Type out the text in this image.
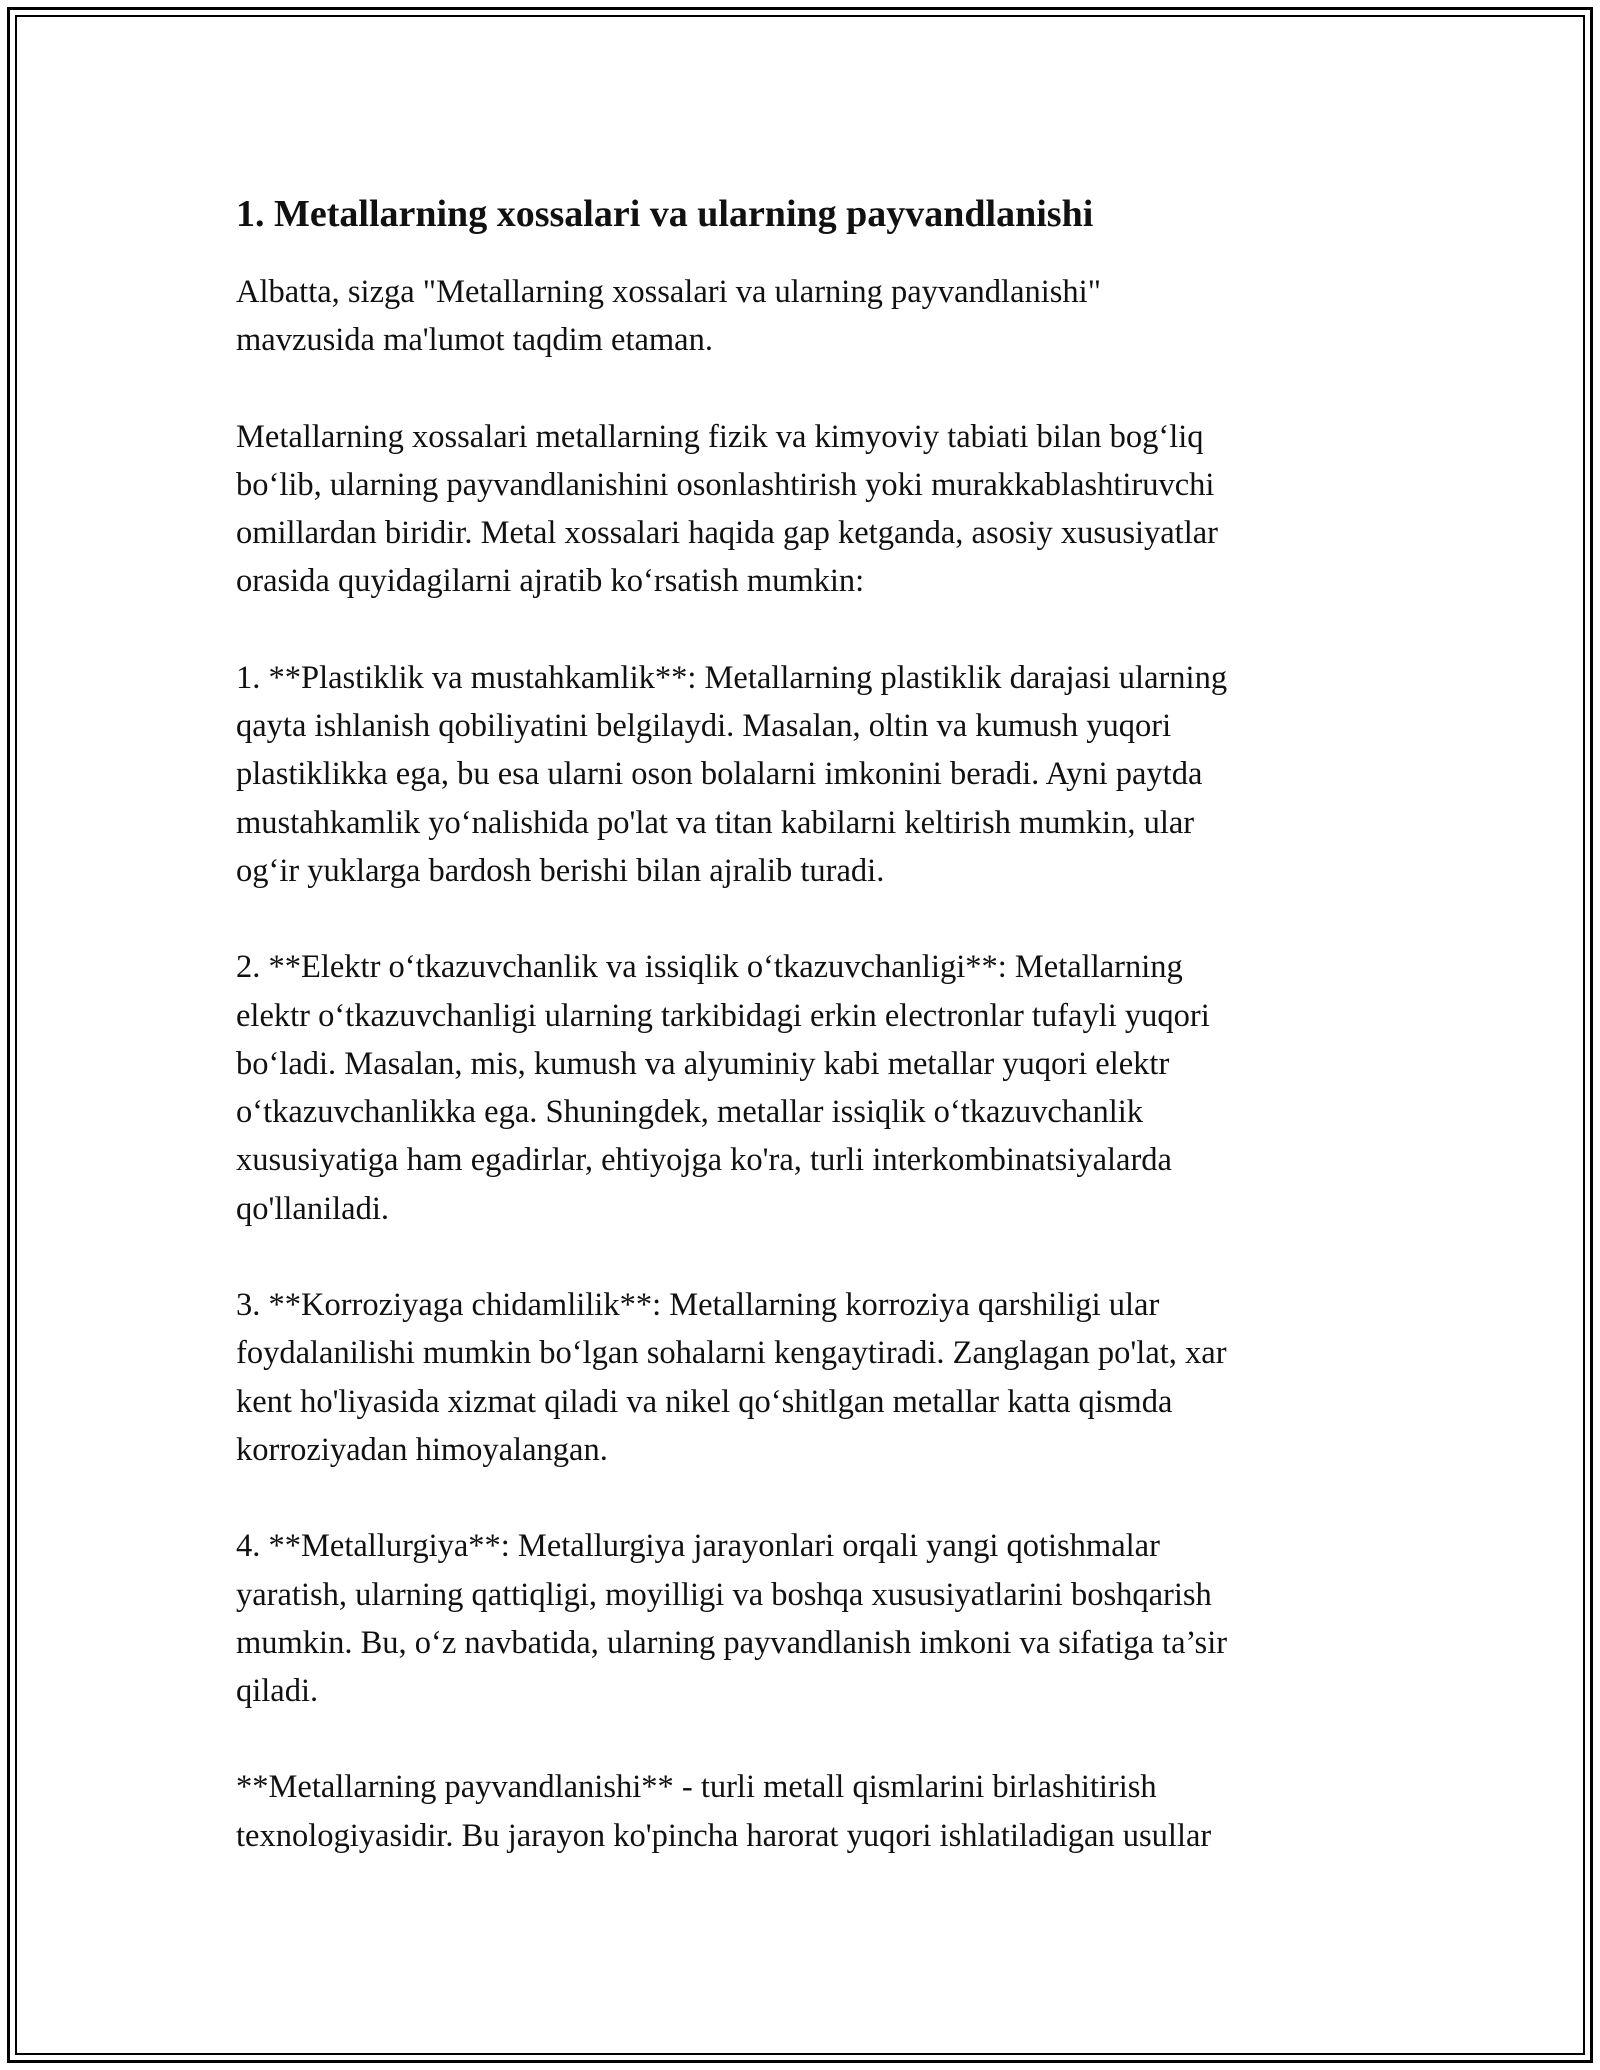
1. Metallarning xossalari va ularning payvandlanishi

Albatta, sizga "Metallarning xossalari va ularning payvandlanishi"
mavzusida ma'lumot taqdim etaman.

Metallarning xossalari metallarning fizik va kimyoviy tabiati bilan bog‘liq
bo‘lib, ularning payvandlanishini osonlashtirish yoki murakkablashtiruvchi
omillardan biridir. Metal xossalari haqida gap ketganda, asosiy xususiyatlar
orasida quyidagilarni ajratib ko‘rsatish mumkin:

1. **Plastiklik va mustahkamlik**: Metallarning plastiklik darajasi ularning
qayta ishlanish qobiliyatini belgilaydi. Masalan, oltin va kumush yuqori
plastiklikka ega, bu esa ularni oson bolalarni imkonini beradi. Ayni paytda
mustahkamlik yo‘nalishida po'lat va titan kabilarni keltirish mumkin, ular
og‘ir yuklarga bardosh berishi bilan ajralib turadi.

2. **Elektr o‘tkazuvchanlik va issiqlik o‘tkazuvchanligi**: Metallarning
elektr o‘tkazuvchanligi ularning tarkibidagi erkin electronlar tufayli yuqori
bo‘ladi. Masalan, mis, kumush va alyuminiy kabi metallar yuqori elektr
o‘tkazuvchanlikka ega. Shuningdek, metallar issiqlik o‘tkazuvchanlik
xususiyatiga ham egadirlar, ehtiyojga ko'ra, turli interkombinatsiyalarda
qo'llaniladi.

3. **Korroziyaga chidamlilik**: Metallarning korroziya qarshiligi ular
foydalanilishi mumkin bo‘lgan sohalarni kengaytiradi. Zanglagan po'lat, xar
kent ho'liyasida xizmat qiladi va nikel qo‘shitlgan metallar katta qismda
korroziyadan himoyalangan.

4. **Metallurgiya**: Metallurgiya jarayonlari orqali yangi qotishmalar
yaratish, ularning qattiqligi, moyilligi va boshqa xususiyatlarini boshqarish
mumkin. Bu, o‘z navbatida, ularning payvandlanish imkoni va sifatiga ta’sir
qiladi.

**Metallarning payvandlanishi** - turli metall qismlarini birlashitirish
texnologiyasidir. Bu jarayon ko'pincha harorat yuqori ishlatiladigan usullar
